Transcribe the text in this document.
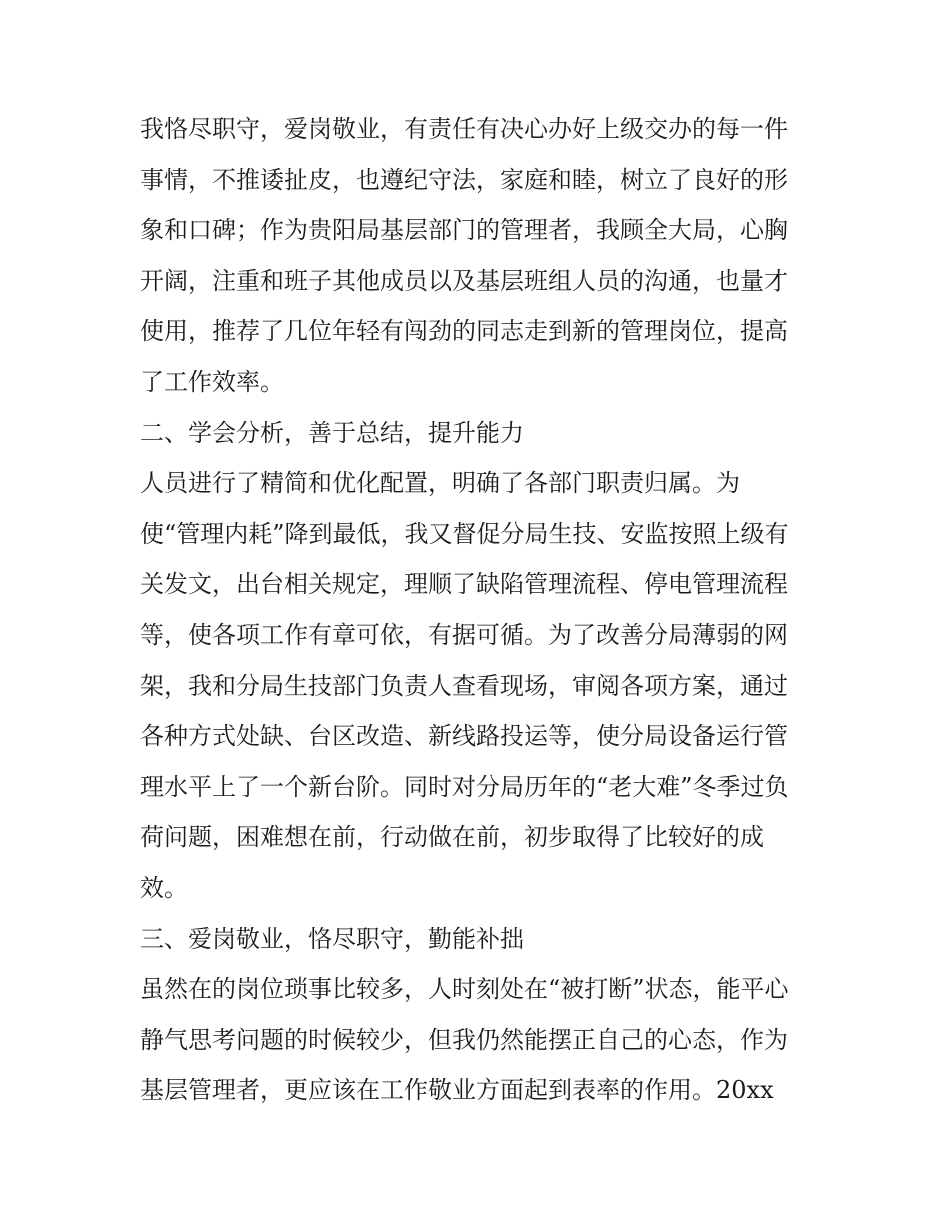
我恪尽职守，爱岗敬业，有责任有决心办好上级交办的每一件
事情，不推诿扯皮，也遵纪守法，家庭和睦，树立了良好的形
象和口碑；作为贵阳局基层部门的管理者，我顾全大局，心胸
开阔，注重和班子其他成员以及基层班组人员的沟通，也量才
使用，推荐了几位年轻有闯劲的同志走到新的管理岗位，提高
了工作效率。
二、学会分析，善于总结，提升能力
人员进行了精简和优化配置，明确了各部门职责归属。为
使“管理内耗”降到最低，我又督促分局生技、安监按照上级有
关发文，出台相关规定，理顺了缺陷管理流程、停电管理流程
等，使各项工作有章可依，有据可循。为了改善分局薄弱的网
架，我和分局生技部门负责人查看现场，审阅各项方案，通过
各种方式处缺、台区改造、新线路投运等，使分局设备运行管
理水平上了一个新台阶。同时对分局历年的“老大难”冬季过负
荷问题，困难想在前，行动做在前，初步取得了比较好的成
效。
三、爱岗敬业，恪尽职守，勤能补拙
虽然在的岗位琐事比较多，人时刻处在“被打断”状态，能平心
静气思考问题的时候较少，但我仍然能摆正自己的心态，作为
基层管理者，更应该在工作敬业方面起到表率的作用。20xx
